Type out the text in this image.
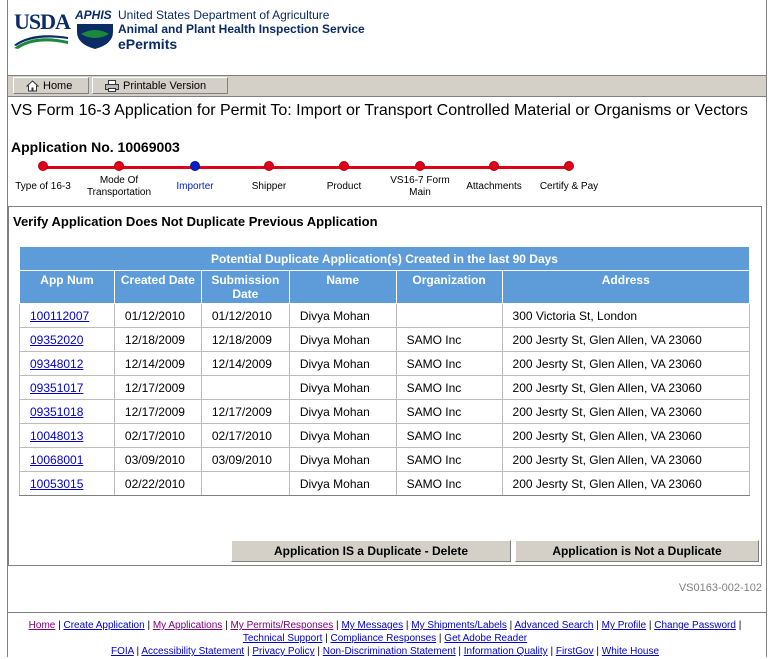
USDA APHIS United States Department of Agriculture
Animal and Plant Health Inspection Service
ePermits
Home	Printable Version
VS Form 16-3 Application for Permit To: Import or Transport Controlled Material or Organisms or Vectors
Application No. 10069003
Type of 16-3
Mode Of Transportation
Importer	Shipper	Product
VS16-7 Form Main
Attachments	Certify & Pay
Verify Application Does Not Duplicate Previous Application
Potential Duplicate Application(s) Created in the last 90 Days					
App Num	Created Date	Submission Date	Name	Organization	Address
100112007	01/12/2010	01/12/2010	Divya Mohan		300 Victoria St, London
09352020	12/18/2009	12/18/2009	Divya Mohan	SAMO Inc	200 Jesrty St, Glen Allen, VA 23060
09348012	12/14/2009	12/14/2009	Divya Mohan	SAMO Inc	200 Jesrty St, Glen Allen, VA 23060
09351017	12/17/2009		Divya Mohan	SAMO Inc	200 Jesrty St, Glen Allen, VA 23060
09351018	12/17/2009	12/17/2009	Divya Mohan	SAMO Inc	200 Jesrty St, Glen Allen, VA 23060
10048013	02/17/2010	02/17/2010	Divya Mohan	SAMO Inc	200 Jesrty St, Glen Allen, VA 23060
10068001	03/09/2010	03/09/2010	Divya Mohan	SAMO Inc	200 Jesrty St, Glen Allen, VA 23060
10053015	02/22/2010		Divya Mohan	SAMO Inc	200 Jesrty St, Glen Allen, VA 23060
Application IS a Duplicate - Delete	Application is Not a Duplicate
VS0163-002-102
Home | Create Application | My Applications | My Permits/Responses | My Messages | My Shipments/Labels | Advanced Search | My Profile | Change Password | Technical Support | Compliance Responses | Get Adobe Reader
FOIA | Accessibility Statement | Privacy Policy | Non-Discrimination Statement | Information Quality | FirstGov | White House
